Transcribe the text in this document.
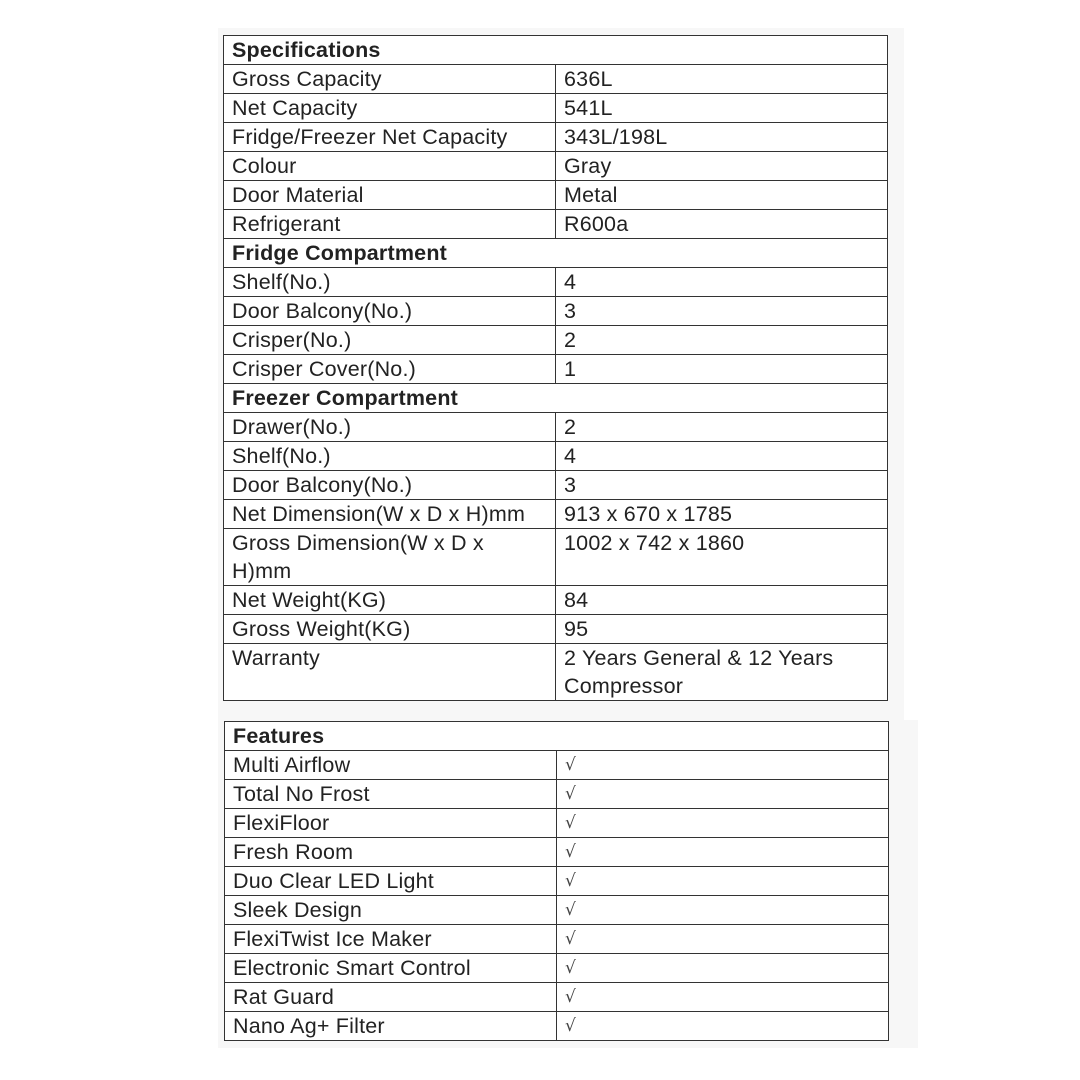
Specifications	
Gross Capacity	636L
Net Capacity	541L
Fridge/Freezer Net Capacity	343L/198L
Colour	Gray
Door Material	Metal
Refrigerant	R600a
Fridge Compartment	
Shelf(No.)	4
Door Balcony(No.)	3
Crisper(No.)	2
Crisper Cover(No.)	1
Freezer Compartment	
Drawer(No.)	2
Shelf(No.)	4
Door Balcony(No.)	3
Net Dimension(W x D x H)mm	913 x 670 x 1785
Gross Dimension(W x D x H)mm	1002 x 742 x 1860
Net Weight(KG)	84
Gross Weight(KG)	95
Warranty	2 Years General & 12 Years Compressor
Features	
Multi Airflow	√
Total No Frost	√
FlexiFloor	√
Fresh Room	√
Duo Clear LED Light	√
Sleek Design	√
FlexiTwist Ice Maker	√
Electronic Smart Control	√
Rat Guard	√
Nano Ag+ Filter	√
